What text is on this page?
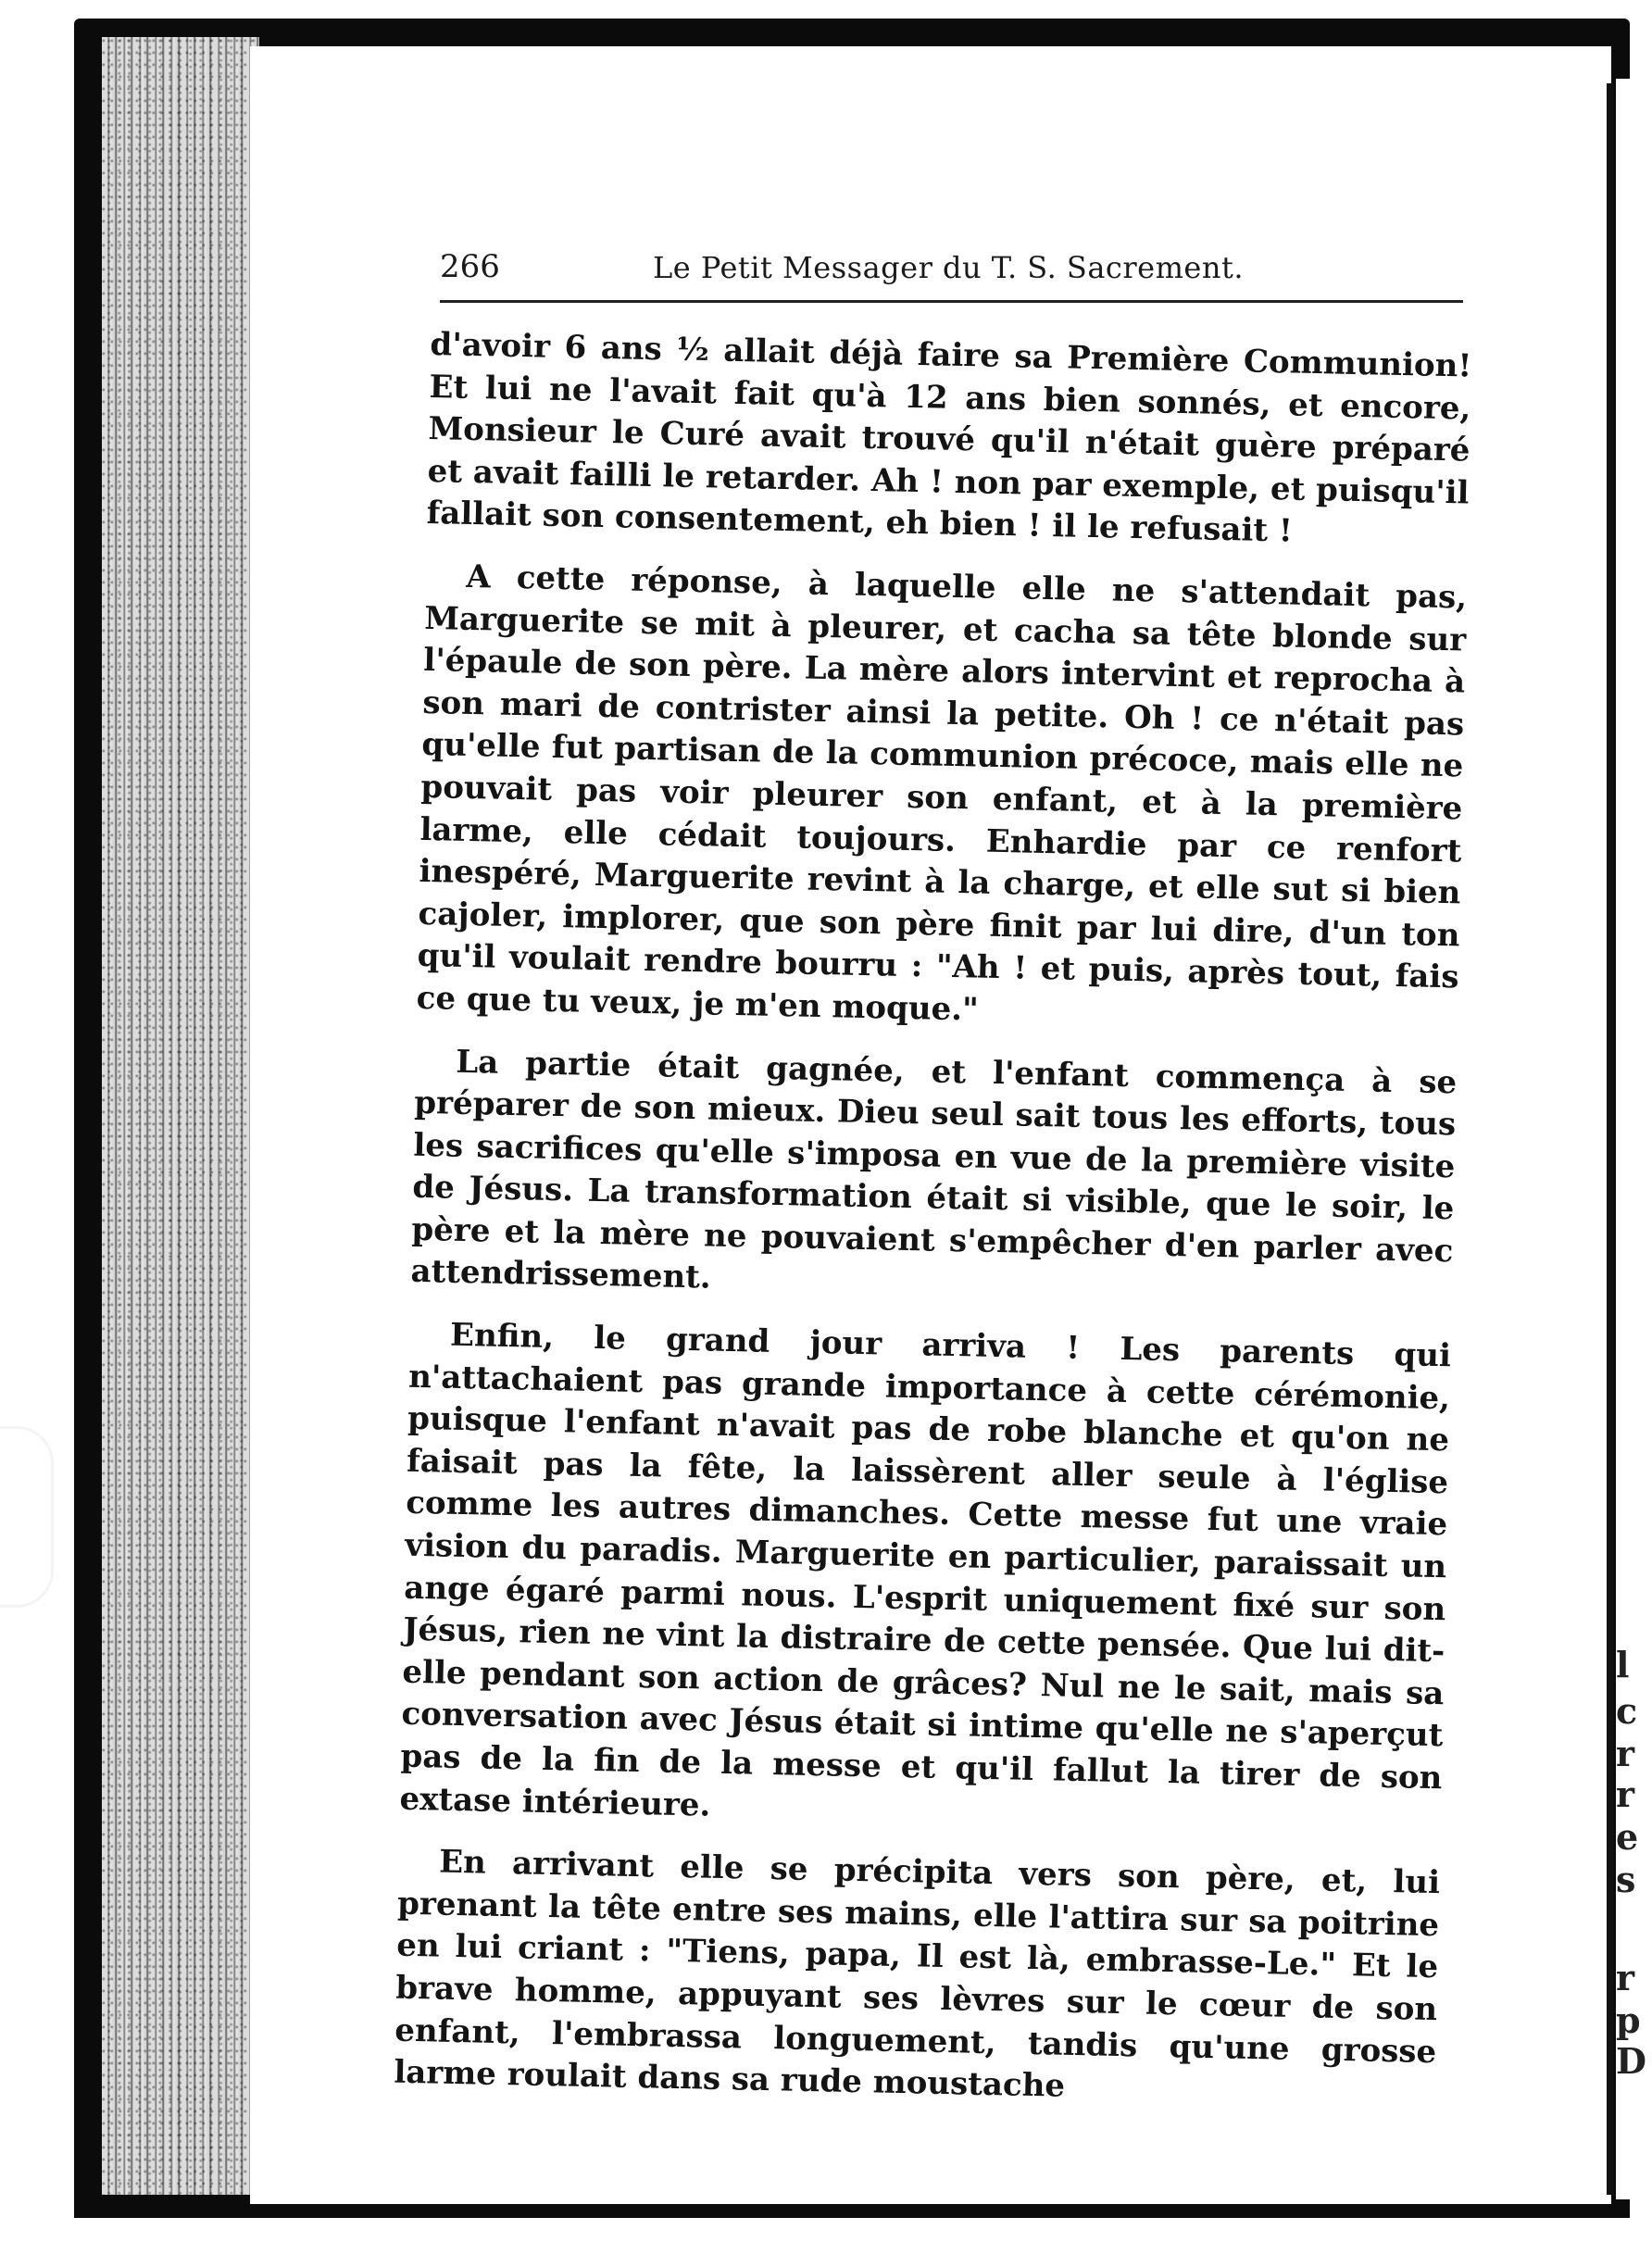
l
c
r
r
e
s
r
p
D
266	Le Petit Messager du T. S. Sacrement.

d'avoir 6 ans ½ allait déjà faire sa Première Communion! Et lui ne l'avait fait qu'à 12 ans bien sonnés, et encore, Monsieur le Curé avait trouvé qu'il n'était guère préparé et avait failli le retarder. Ah ! non par exemple, et puisqu'il fallait son consentement, eh bien ! il le refusait !

A cette réponse, à laquelle elle ne s'attendait pas, Marguerite se mit à pleurer, et cacha sa tête blonde sur l'épaule de son père. La mère alors intervint et reprocha à son mari de contrister ainsi la petite. Oh ! ce n'était pas qu'elle fut partisan de la communion précoce, mais elle ne pouvait pas voir pleurer son enfant, et à la première larme, elle cédait toujours. Enhardie par ce renfort inespéré, Marguerite revint à la charge, et elle sut si bien cajoler, implorer, que son père finit par lui dire, d'un ton qu'il voulait rendre bourru : "Ah ! et puis, après tout, fais ce que tu veux, je m'en moque."

La partie était gagnée, et l'enfant commença à se préparer de son mieux. Dieu seul sait tous les efforts, tous les sacrifices qu'elle s'imposa en vue de la première visite de Jésus. La transformation était si visible, que le soir, le père et la mère ne pouvaient s'empêcher d'en parler avec attendrissement.

Enfin, le grand jour arriva ! Les parents qui n'attachaient pas grande importance à cette cérémonie, puisque l'enfant n'avait pas de robe blanche et qu'on ne faisait pas la fête, la laissèrent aller seule à l'église comme les autres dimanches. Cette messe fut une vraie vision du paradis. Marguerite en particulier, paraissait un ange égaré parmi nous. L'esprit uniquement fixé sur son Jésus, rien ne vint la distraire de cette pensée. Que lui dit-elle pendant son action de grâces? Nul ne le sait, mais sa conversation avec Jésus était si intime qu'elle ne s'aperçut pas de la fin de la messe et qu'il fallut la tirer de son extase intérieure.

En arrivant elle se précipita vers son père, et, lui prenant la tête entre ses mains, elle l'attira sur sa poitrine en lui criant : "Tiens, papa, Il est là, embrasse-Le." Et le brave homme, appuyant ses lèvres sur le cœur de son enfant, l'embrassa longuement, tandis qu'une grosse larme roulait dans sa rude moustache
